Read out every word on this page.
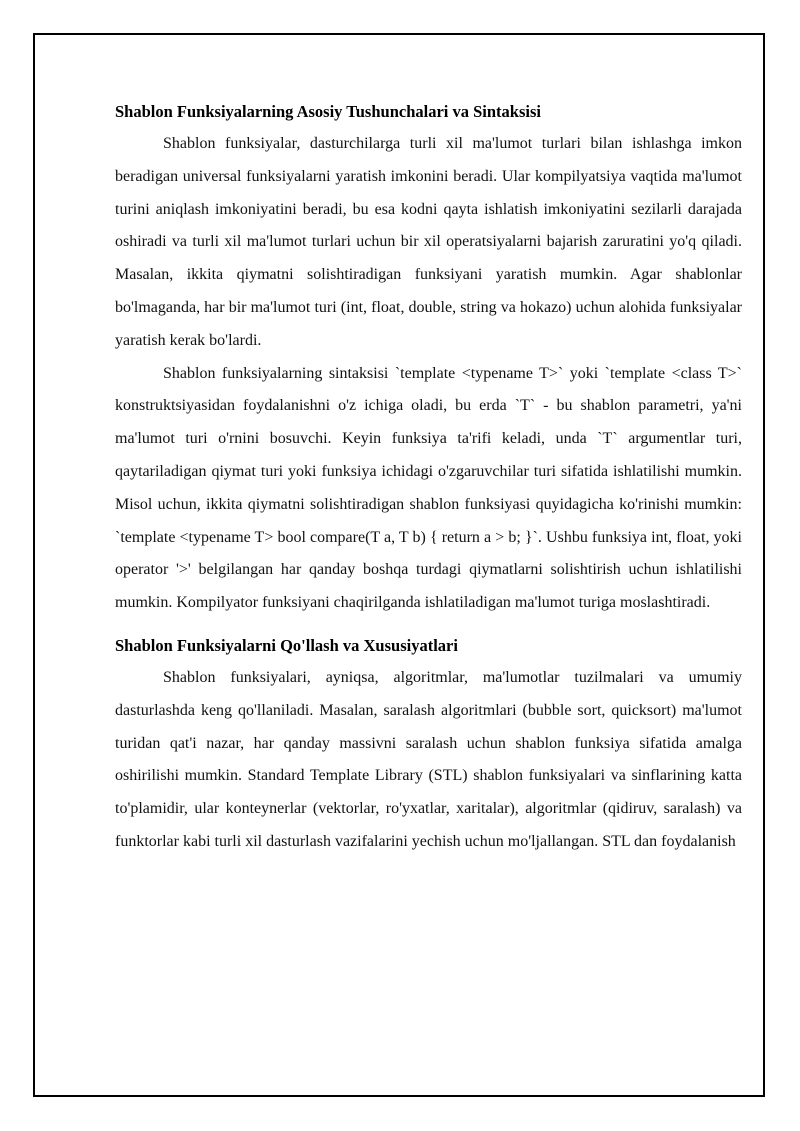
Shablon Funksiyalarning Asosiy Tushunchalari va Sintaksisi

Shablon funksiyalar, dasturchilarga turli xil ma'lumot turlari bilan ishlashga imkon beradigan universal funksiyalarni yaratish imkonini beradi. Ular kompilyatsiya vaqtida ma'lumot turini aniqlash imkoniyatini beradi, bu esa kodni qayta ishlatish imkoniyatini sezilarli darajada oshiradi va turli xil ma'lumot turlari uchun bir xil operatsiyalarni bajarish zaruratini yo'q qiladi. Masalan, ikkita qiymatni solishtiradigan funksiyani yaratish mumkin. Agar shablonlar bo'lmaganda, har bir ma'lumot turi (int, float, double, string va hokazo) uchun alohida funksiyalar yaratish kerak bo'lardi.

Shablon funksiyalarning sintaksisi `template <typename T>` yoki `template <class T>` konstruktsiyasidan foydalanishni o'z ichiga oladi, bu erda `T` - bu shablon parametri, ya'ni ma'lumot turi o'rnini bosuvchi. Keyin funksiya ta'rifi keladi, unda `T` argumentlar turi, qaytariladigan qiymat turi yoki funksiya ichidagi o'zgaruvchilar turi sifatida ishlatilishi mumkin. Misol uchun, ikkita qiymatni solishtiradigan shablon funksiyasi quyidagicha ko'rinishi mumkin: `template <typename T> bool compare(T a, T b) { return a > b; }`. Ushbu funksiya int, float, yoki operator '>' belgilangan har qanday boshqa turdagi qiymatlarni solishtirish uchun ishlatilishi mumkin. Kompilyator funksiyani chaqirilganda ishlatiladigan ma'lumot turiga moslashtiradi.

Shablon Funksiyalarni Qo'llash va Xususiyatlari

Shablon funksiyalari, ayniqsa, algoritmlar, ma'lumotlar tuzilmalari va umumiy dasturlashda keng qo'llaniladi. Masalan, saralash algoritmlari (bubble sort, quicksort) ma'lumot turidan qat'i nazar, har qanday massivni saralash uchun shablon funksiya sifatida amalga oshirilishi mumkin. Standard Template Library (STL) shablon funksiyalari va sinflarining katta to'plamidir, ular konteynerlar (vektorlar, ro'yxatlar, xaritalar), algoritmlar (qidiruv, saralash) va funktorlar kabi turli xil dasturlash vazifalarini yechish uchun mo'ljallangan. STL dan foydalanish
